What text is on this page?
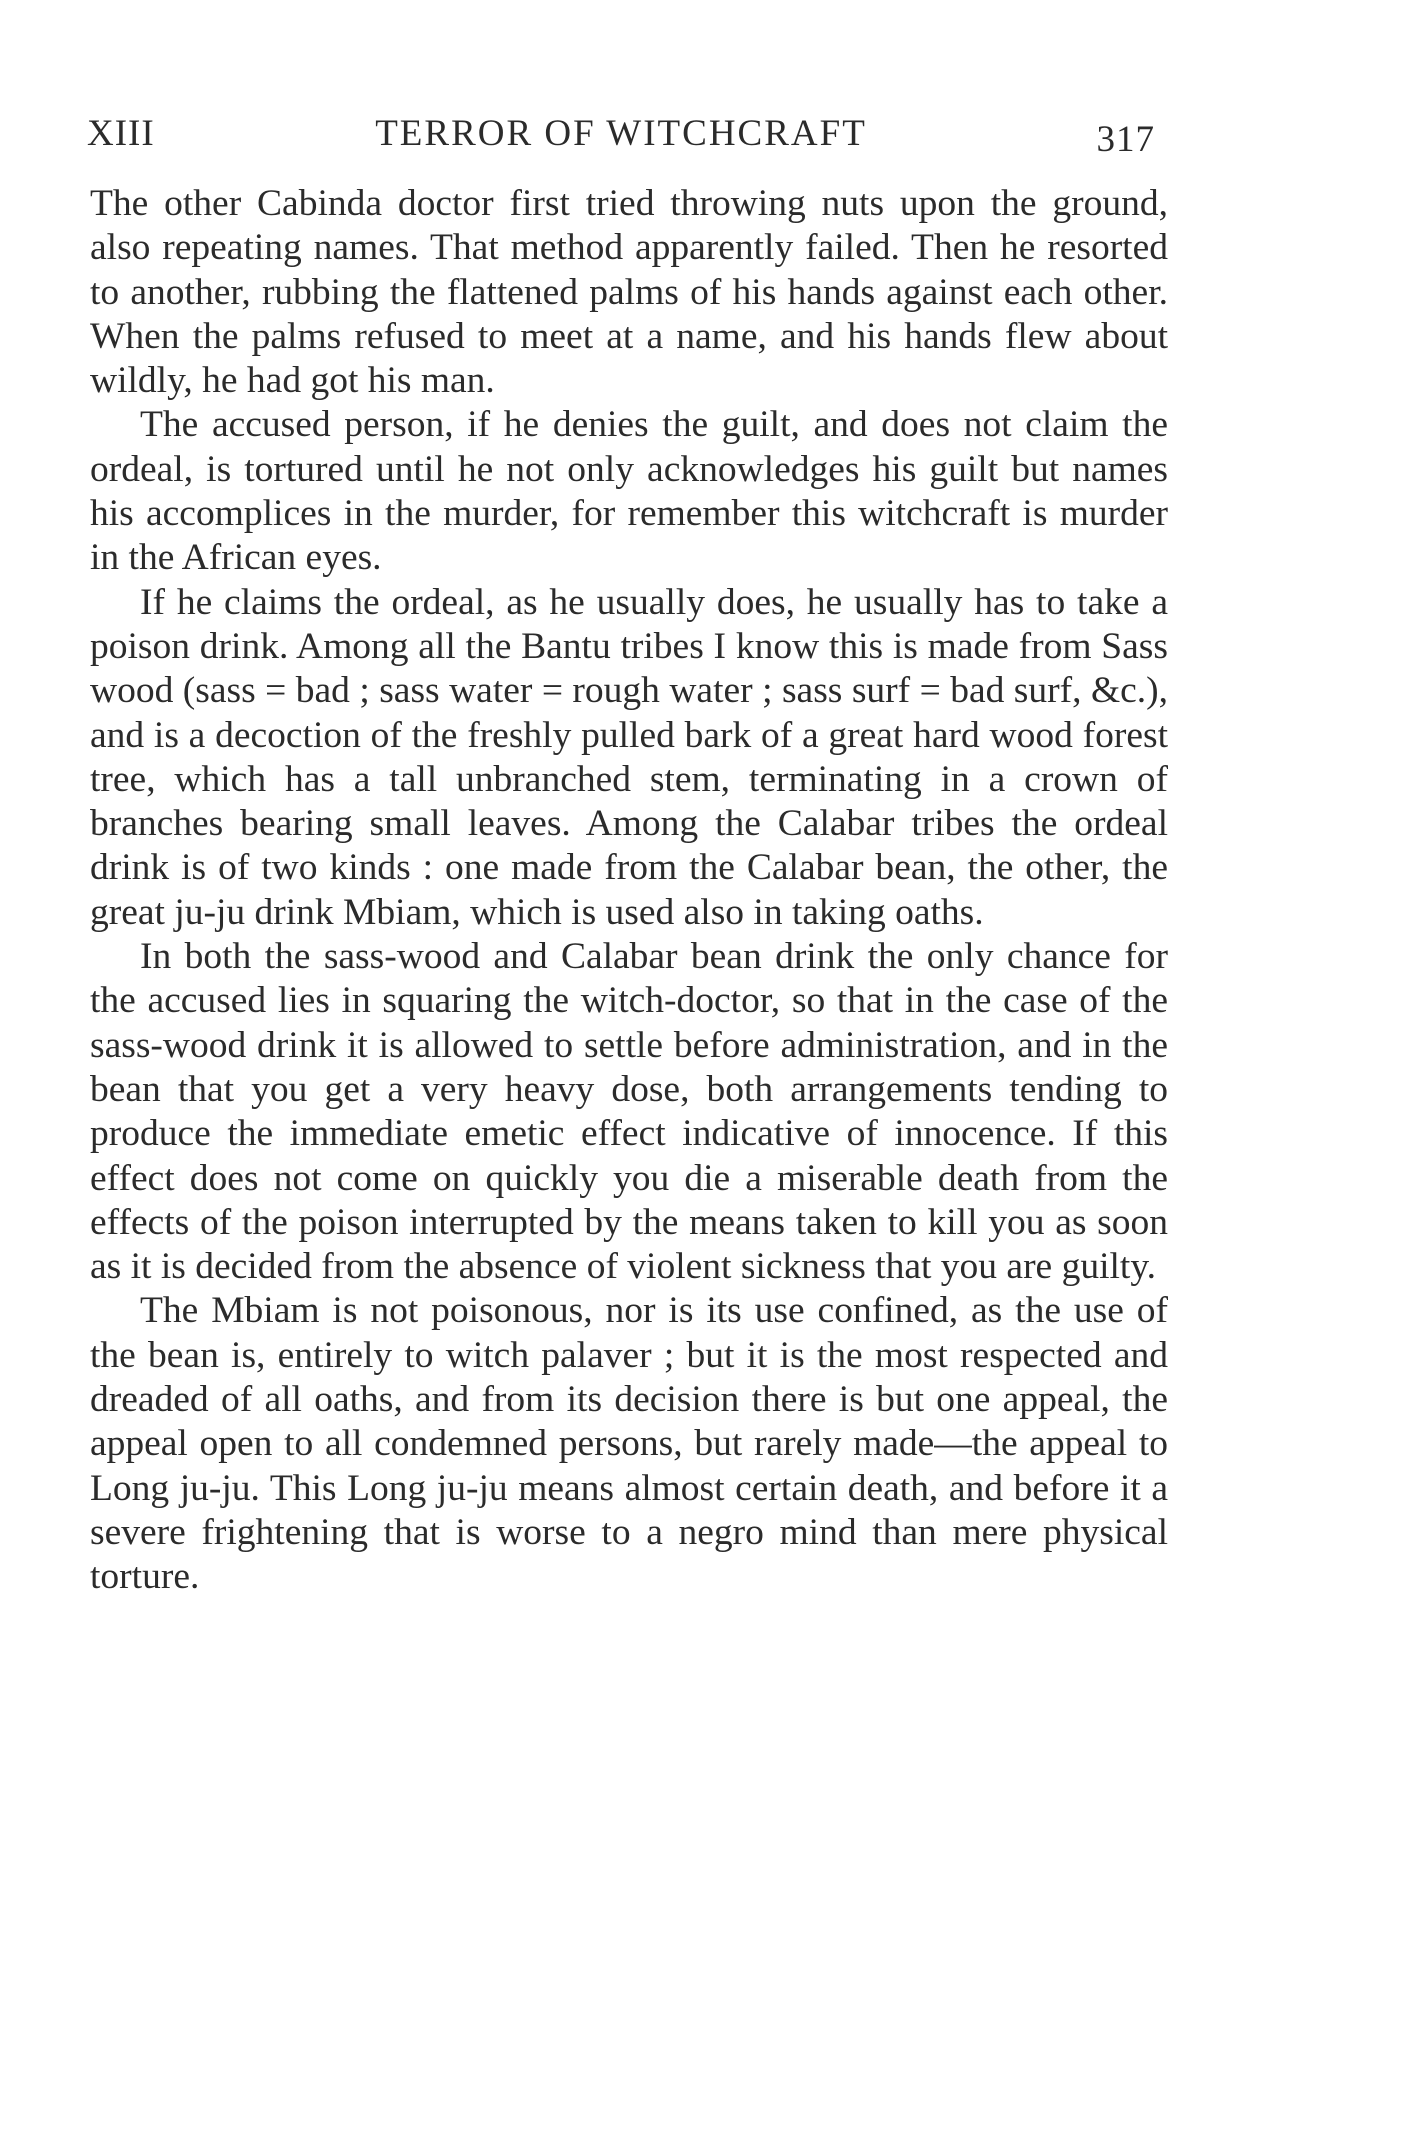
XIII	TERROR OF WITCHCRAFT	317

The other Cabinda doctor first tried throwing nuts upon the ground, also repeating names. That method apparently failed. Then he resorted to another, rubbing the flattened palms of his hands against each other. When the palms refused to meet at a name, and his hands flew about wildly, he had got his man.

The accused person, if he denies the guilt, and does not claim the ordeal, is tortured until he not only acknowledges his guilt but names his accomplices in the murder, for remember this witchcraft is murder in the African eyes.

If he claims the ordeal, as he usually does, he usually has to take a poison drink. Among all the Bantu tribes I know this is made from Sass wood (sass = bad ; sass water = rough water ; sass surf = bad surf, &c.), and is a decoction of the freshly pulled bark of a great hard wood forest tree, which has a tall unbranched stem, terminating in a crown of branches bearing small leaves. Among the Calabar tribes the ordeal drink is of two kinds : one made from the Calabar bean, the other, the great ju-ju drink Mbiam, which is used also in taking oaths.

In both the sass-wood and Calabar bean drink the only chance for the accused lies in squaring the witch-doctor, so that in the case of the sass-wood drink it is allowed to settle before administration, and in the bean that you get a very heavy dose, both arrangements tending to produce the immediate emetic effect indicative of innocence. If this effect does not come on quickly you die a miserable death from the effects of the poison interrupted by the means taken to kill you as soon as it is decided from the absence of violent sickness that you are guilty.

The Mbiam is not poisonous, nor is its use confined, as the use of the bean is, entirely to witch palaver ; but it is the most respected and dreaded of all oaths, and from its decision there is but one appeal, the appeal open to all condemned persons, but rarely made—the appeal to Long ju-ju. This Long ju-ju means almost certain death, and before it a severe frightening that is worse to a negro mind than mere physical torture.
